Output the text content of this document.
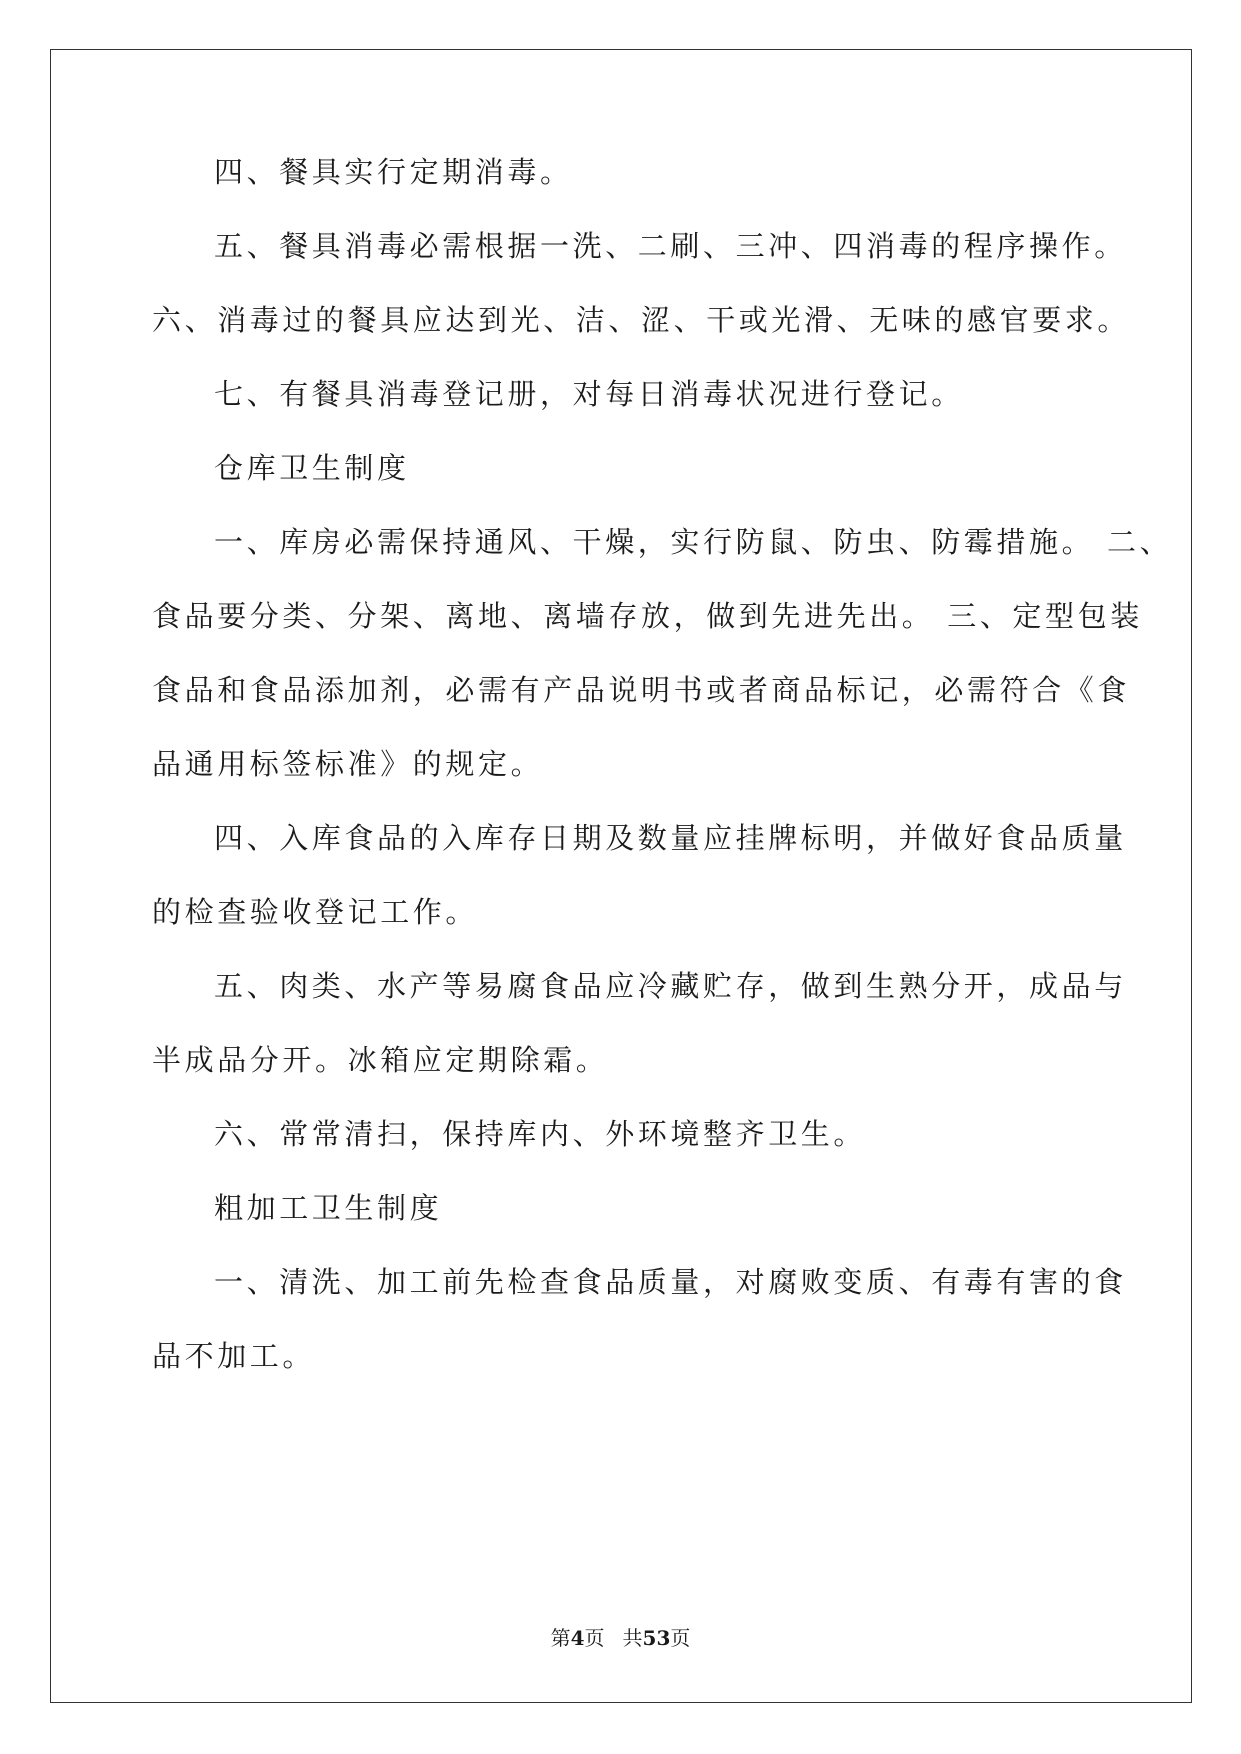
四、餐具实行定期消毒。

五、餐具消毒必需根据一洗、二刷、三冲、四消毒的程序操作。

六、消毒过的餐具应达到光、洁、涩、干或光滑、无味的感官要求。

七、有餐具消毒登记册，对每日消毒状况进行登记。

仓库卫生制度

一、库房必需保持通风、干燥，实行防鼠、防虫、防霉措施。 二、

食品要分类、分架、离地、离墙存放，做到先进先出。 三、定型包装

食品和食品添加剂，必需有产品说明书或者商品标记，必需符合《食

品通用标签标准》的规定。

四、入库食品的入库存日期及数量应挂牌标明，并做好食品质量

的检查验收登记工作。

五、肉类、水产等易腐食品应冷藏贮存，做到生熟分开，成品与

半成品分开。冰箱应定期除霜。

六、常常清扫，保持库内、外环境整齐卫生。

粗加工卫生制度

一、清洗、加工前先检查食品质量，对腐败变质、有毒有害的食

品不加工。

第4页 共53页
